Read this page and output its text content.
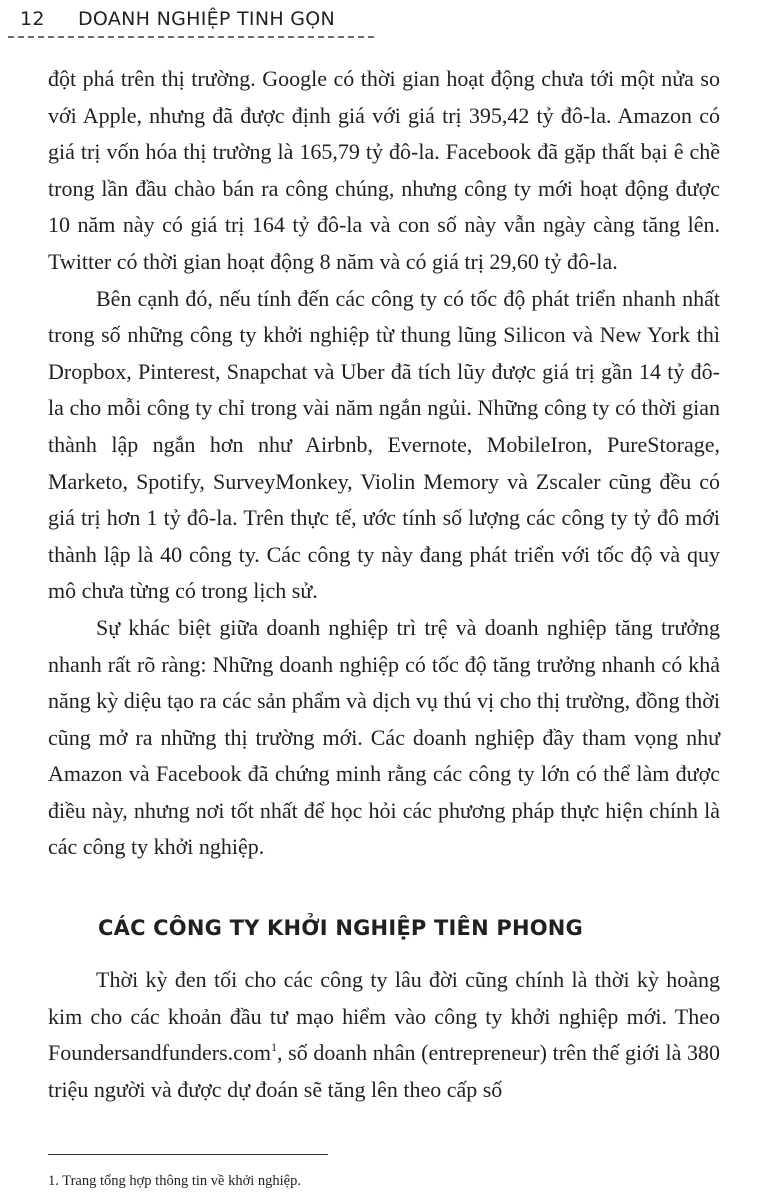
12 DOANH NGHIỆP TINH GỌN

đột phá trên thị trường. Google có thời gian hoạt động chưa tới một nửa so với Apple, nhưng đã được định giá với giá trị 395,42 tỷ đô-la. Amazon có giá trị vốn hóa thị trường là 165,79 tỷ đô-la. Facebook đã gặp thất bại ê chề trong lần đầu chào bán ra công chúng, nhưng công ty mới hoạt động được 10 năm này có giá trị 164 tỷ đô-la và con số này vẫn ngày càng tăng lên. Twitter có thời gian hoạt động 8 năm và có giá trị 29,60 tỷ đô-la.

Bên cạnh đó, nếu tính đến các công ty có tốc độ phát triển nhanh nhất trong số những công ty khởi nghiệp từ thung lũng Silicon và New York thì Dropbox, Pinterest, Snapchat và Uber đã tích lũy được giá trị gần 14 tỷ đô-la cho mỗi công ty chỉ trong vài năm ngắn ngủi. Những công ty có thời gian thành lập ngắn hơn như Airbnb, Evernote, MobileIron, PureStorage, Marketo, Spotify, SurveyMonkey, Violin Memory và Zscaler cũng đều có giá trị hơn 1 tỷ đô-la. Trên thực tế, ước tính số lượng các công ty tỷ đô mới thành lập là 40 công ty. Các công ty này đang phát triển với tốc độ và quy mô chưa từng có trong lịch sử.

Sự khác biệt giữa doanh nghiệp trì trệ và doanh nghiệp tăng trưởng nhanh rất rõ ràng: Những doanh nghiệp có tốc độ tăng trưởng nhanh có khả năng kỳ diệu tạo ra các sản phẩm và dịch vụ thú vị cho thị trường, đồng thời cũng mở ra những thị trường mới. Các doanh nghiệp đầy tham vọng như Amazon và Facebook đã chứng minh rằng các công ty lớn có thể làm được điều này, nhưng nơi tốt nhất để học hỏi các phương pháp thực hiện chính là các công ty khởi nghiệp.

CÁC CÔNG TY KHỞI NGHIỆP TIÊN PHONG

Thời kỳ đen tối cho các công ty lâu đời cũng chính là thời kỳ hoàng kim cho các khoản đầu tư mạo hiểm vào công ty khởi nghiệp mới. Theo Foundersandfunders.com$^1$, số doanh nhân (entrepreneur) trên thế giới là 380 triệu người và được dự đoán sẽ tăng lên theo cấp số

1. Trang tổng hợp thông tin về khởi nghiệp.
